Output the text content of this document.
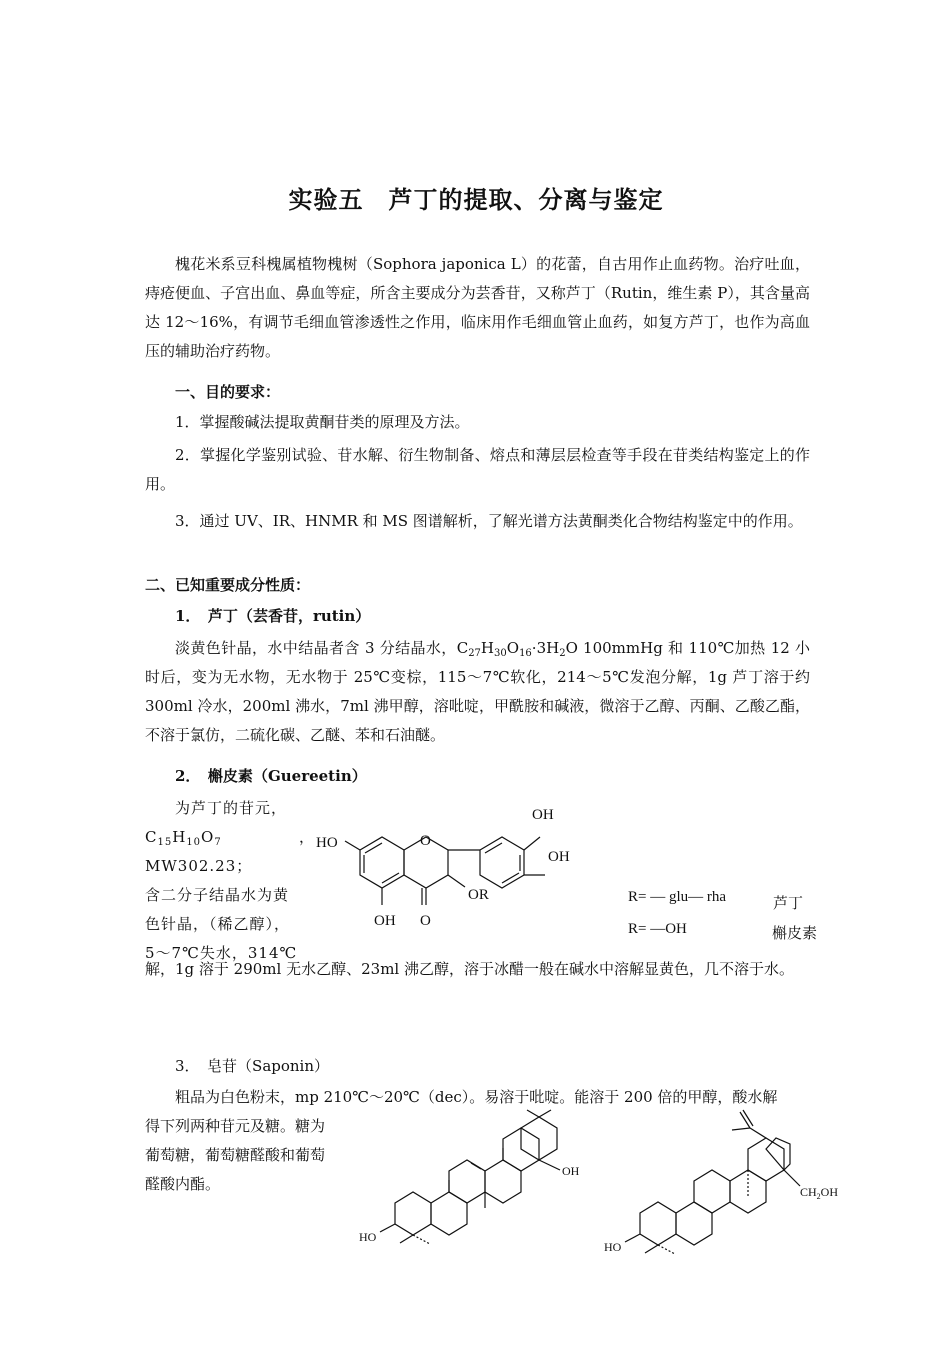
实验五　芦丁的提取、分离与鉴定
槐花米系豆科槐属植物槐树（Sophora japonica L）的花蕾，自古用作止血药物。治疗吐血，痔疮便血、子宫出血、鼻血等症，所含主要成分为芸香苷，又称芦丁（Rutin，维生素 P），其含量高达 12～16%，有调节毛细血管渗透性之作用，临床用作毛细血管止血药，如复方芦丁，也作为高血压的辅助治疗药物。
一、目的要求：
1．掌握酸碱法提取黄酮苷类的原理及方法。
2．掌握化学鉴别试验、苷水解、衍生物制备、熔点和薄层层检查等手段在苷类结构鉴定上的作用。
3．通过 UV、IR、HNMR 和 MS 图谱解析，了解光谱方法黄酮类化合物结构鉴定中的作用。
二、已知重要成分性质：
1．　芦丁（芸香苷，rutin）
淡黄色针晶，水中结晶者含 3 分结晶水，$C_{27}H_{30}O_{16}\cdot 3H_2O$ 100mmHg 和 110℃加热 12 小时后，变为无水物，无水物于 25℃变棕，115～7℃软化，214～5℃发泡分解，1g 芦丁溶于约 300ml 冷水，200ml 沸水，7ml 沸甲醇，溶吡啶，甲酰胺和碱液，微溶于乙醇、丙酮、乙酸乙酯，不溶于氯仿，二硫化碳、乙醚、苯和石油醚。
2．　槲皮素（Guereetin）
为芦丁的苷元，
$C_{15}H_{10}O_7$，MW302.23；
含二分子结晶水为黄
色针晶，（稀乙醇），
5～7℃失水，314℃
OH
OH
HO	O
OR
OH O
R= — glu— rha
R= —OH
芦丁
槲皮素
解，1g 溶于 290ml 无水乙醇、23ml 沸乙醇，溶于冰醋一般在碱水中溶解显黄色，几不溶于水。
3．　皂苷（Saponin）
粗品为白色粉末，mp 210℃～20℃（dec）。易溶于吡啶。能溶于 200 倍的甲醇，酸水解
得下列两种苷元及糖。糖为
葡萄糖，葡萄糖醛酸和葡萄
醛酸内酯。
OH
HO
$CH_2OH$
HO
